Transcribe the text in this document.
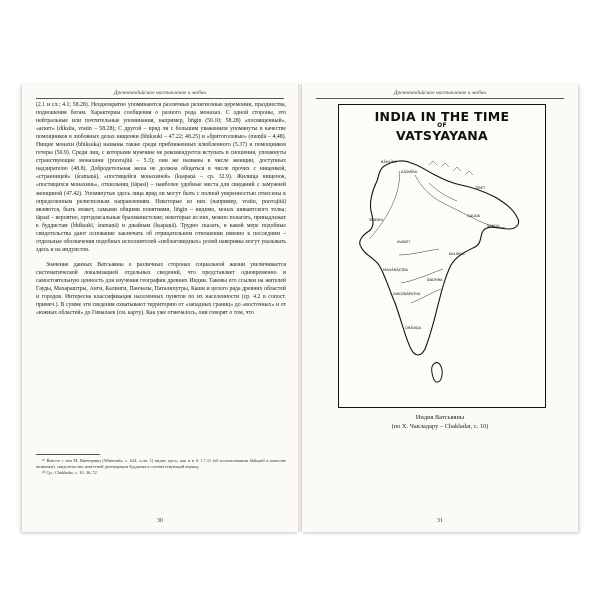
Древнеиндийское наставление в любви

(2.1 и сл.; 4.1; 58.28). Неоднократно упоминаются различные религиозные церемонии, празднества, подношения богам. Характерны сообщения о разного рода монахах. С одной стороны, это нейтральные или почтительные упоминания, например, liṅgin (50.10; 58.28) «посвященный», «аскет» (dīkṣita, vratin – 58.28); С другой – вряд ли с большим уважением упомянуты в качестве помощников в любовных делах нищенки (bhikṣukī – 47.22; 48.25) и «бритоголовые» (muṇḍā – 4,48). Нищие монахи (bhikṣuka) названы также среди приближенных влюбленного (5.37) и помощников гетеры (50.9). Среди лиц, с которыми мужчине не рекомендуется вступать в сношения, упомянуты странствующие монахини (pravrajitā – 5.3); они же названы в числе женщин, доступных надзирателю (48.8). Добродетельная жена не должна общаться в числе прочих с нищенкой, «странницей» (śramaṇā), «постящейся монахиней» (kṣapaṇā – ср. 32.9). Жилища нищенок, «постящихся монахинь», отшельниц (tāpasī) – наиболее удобные места для свиданий с замужней женщиной (47.42). Упомянутые здесь лица вряд ли могут быть с полной уверенностью отнесены к определенным религиозным направлениям. Некоторые из них (например, vratin, pravrajitā) являются, быть может, самыми общими понятиями, liṅgin – видимо, монах шиваитского толка; tāpasī – вероятно, ортодоксальные брахманистские; некоторые из них, можно полагать, принадлежат к буддистам (bhikṣukī, śramaṇā) и джайнам (kṣapaṇā). Трудно сказать, в какой мере подобные свидетельства дают основание заключать об отрицательном отношении именно к последним – отдельные обозначения подобных исполнителей «неблаговидных» ролей наверняка могут указывать здесь и на индуистов.

Значение данных Ватсьяяны о различных сторонах социальной жизни увеличивается систематической локализацией отдельных сведений, что представляет одновременно и самостоятельную ценность для изучения географии древних Индии. Таковы его ссылки на жителей Гауды, Махараштры, Анги, Калинги, Панчалы, Паталипутры, Каши и целого ряда древних областей и городов. Интересна классификация населенных пунктов по их населенности (ср. 4.2 в сопост. примеч.). В сумме эти сведения охватывают территорию от «западных границ» до «восточных» и от «южных областей» до Гималаев (см. карту). Как уже отмечалось, они говорят о том, что

³⁹ Вместе с тем М. Винтерниц (Winternitz, c. 624, л.пп. 1) видит здесь, как и в А 1.7.11 (об использовании bhikṣukī в качестве шпионки), свидетельство известной дегенерации буддизма в соответствующий период.

⁴⁰ Ср.: Chakladar, c. 10, 36–72.

30
Древнеиндийское наставление в любви
BĀHLĪKA
KĀŚMĪRA
TIBET
SINDHU
AVANTI
GAUDA
VANGA
KALINGA
MAHĀRĀṢṬRA
DRĀVIḌA
ĀNDHRA
DAKṢIṆĀPATHA
INDIA IN THE TIME
OF
VATSYAYANA
Индия Ватсьяяны
(по Х. Чакладару – Chakladar, с. 10)
31
